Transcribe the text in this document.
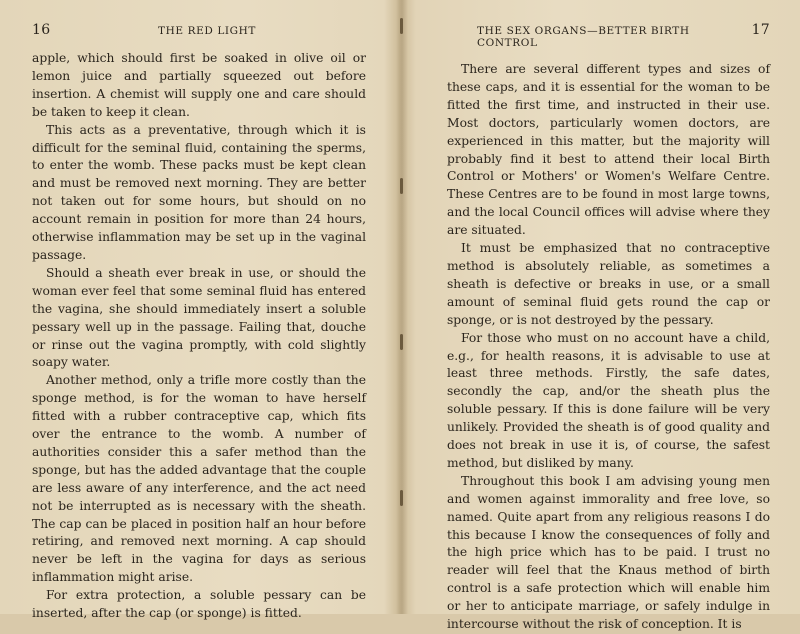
16	THE RED LIGHT

apple, which should first be soaked in olive oil or lemon juice and partially squeezed out before insertion. A chemist will supply one and care should be taken to keep it clean.

This acts as a preventative, through which it is difficult for the seminal fluid, containing the sperms, to enter the womb. These packs must be kept clean and must be removed next morning. They are better not taken out for some hours, but should on no account remain in position for more than 24 hours, otherwise inflammation may be set up in the vaginal passage.

Should a sheath ever break in use, or should the woman ever feel that some seminal fluid has entered the vagina, she should immediately insert a soluble pessary well up in the passage. Failing that, douche or rinse out the vagina promptly, with cold slightly soapy water.

Another method, only a trifle more costly than the sponge method, is for the woman to have herself fitted with a rubber contraceptive cap, which fits over the entrance to the womb. A number of authorities consider this a safer method than the sponge, but has the added advantage that the couple are less aware of any interference, and the act need not be interrupted as is necessary with the sheath. The cap can be placed in position half an hour before retiring, and removed next morning. A cap should never be left in the vagina for days as serious inflammation might arise.

For extra protection, a soluble pessary can be inserted, after the cap (or sponge) is fitted.

THE SEX ORGANS—BETTER BIRTH CONTROL
17

There are several different types and sizes of these caps, and it is essential for the woman to be fitted the first time, and instructed in their use. Most doctors, particularly women doctors, are experienced in this matter, but the majority will probably find it best to attend their local Birth Control or Mothers' or Women's Welfare Centre. These Centres are to be found in most large towns, and the local Council offices will advise where they are situated.

It must be emphasized that no contraceptive method is absolutely reliable, as sometimes a sheath is defective or breaks in use, or a small amount of seminal fluid gets round the cap or sponge, or is not destroyed by the pessary.

For those who must on no account have a child, e.g., for health reasons, it is advisable to use at least three methods. Firstly, the safe dates, secondly the cap, and/or the sheath plus the soluble pessary. If this is done failure will be very unlikely. Provided the sheath is of good quality and does not break in use it is, of course, the safest method, but disliked by many.

Throughout this book I am advising young men and women against immorality and free love, so named. Quite apart from any religious reasons I do this because I know the consequences of folly and the high price which has to be paid. I trust no reader will feel that the Knaus method of birth control is a safe protection which will enable him or her to anticipate marriage, or safely indulge in intercourse without the risk of conception. It is
